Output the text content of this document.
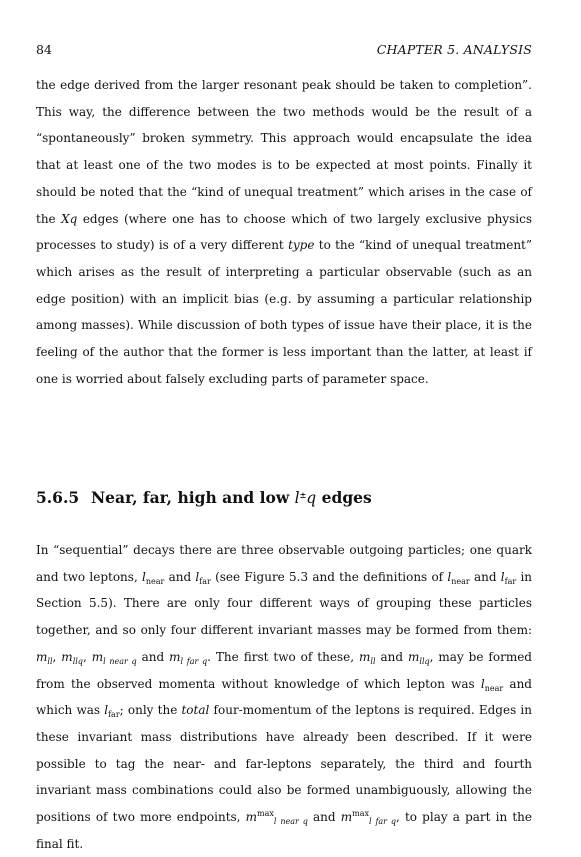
84	CHAPTER 5. ANALYSIS

the edge derived from the larger resonant peak should be taken to completion”. This way, the difference between the two methods would be the result of a “spontaneously” broken symmetry. This approach would encapsulate the idea that at least one of the two modes is to be expected at most points. Finally it should be noted that the “kind of unequal treatment” which arises in the case of the Xq edges (where one has to choose which of two largely exclusive physics processes to study) is of a very different type to the “kind of unequal treatment” which arises as the result of interpreting a particular observable (such as an edge position) with an implicit bias (e.g. by assuming a particular relationship among masses). While discussion of both types of issue have their place, it is the feeling of the author that the former is less important than the latter, at least if one is worried about falsely excluding parts of parameter space.

5.6.5 Near, far, high and low l±q edges

In “sequential” decays there are three observable outgoing particles; one quark and two leptons, $l_{near}$ and $l_{far}$ (see Figure 5.3 and the definitions of $l_{near}$ and $l_{far}$ in Section 5.5). There are only four different ways of grouping these particles together, and so only four different invariant masses may be formed from them: $m_{ll}$, $m_{llq}$, $m_{l near q}$ and $m_{l far q}$. The first two of these, $m_{ll}$ and $m_{llq}$, may be formed from the observed momenta without knowledge of which lepton was $l_{near}$ and which was $l_{far}$; only the total four-momentum of the leptons is required. Edges in these invariant mass distributions have already been described. If it were possible to tag the near- and far-leptons separately, the third and fourth invariant mass combinations could also be formed unambiguously, allowing the positions of two more endpoints, $m^{max}_{l near q}$ and $m^{max}_{l far q}$, to play a part in the final fit.
